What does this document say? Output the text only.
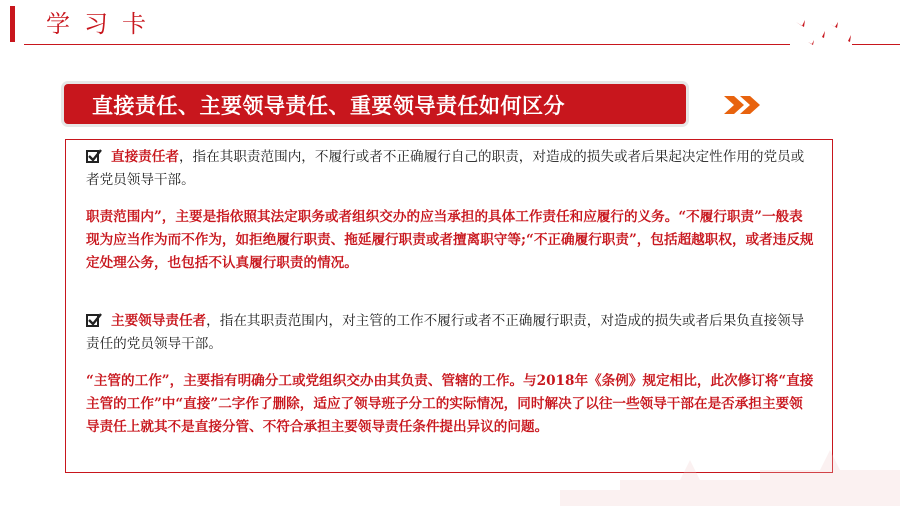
学习卡
直接责任、主要领导责任、重要领导责任如何区分
直接责任者，指在其职责范围内，不履行或者不正确履行自己的职责，对造成的损失或者后果起决定性作用的党员或者党员领导干部。
职责范围内”，主要是指依照其法定职务或者组织交办的应当承担的具体工作责任和应履行的义务。“不履行职责”一般表现为应当作为而不作为，如拒绝履行职责、拖延履行职责或者擅离职守等;“不正确履行职责”，包括超越职权，或者违反规定处理公务，也包括不认真履行职责的情况。
主要领导责任者，指在其职责范围内，对主管的工作不履行或者不正确履行职责，对造成的损失或者后果负直接领导责任的党员领导干部。
“主管的工作”，主要指有明确分工或党组织交办由其负责、管辖的工作。与2018年《条例》规定相比，此次修订将“直接主管的工作”中“直接”二字作了删除，适应了领导班子分工的实际情况，同时解决了以往一些领导干部在是否承担主要领导责任上就其不是直接分管、不符合承担主要领导责任条件提出异议的问题。
